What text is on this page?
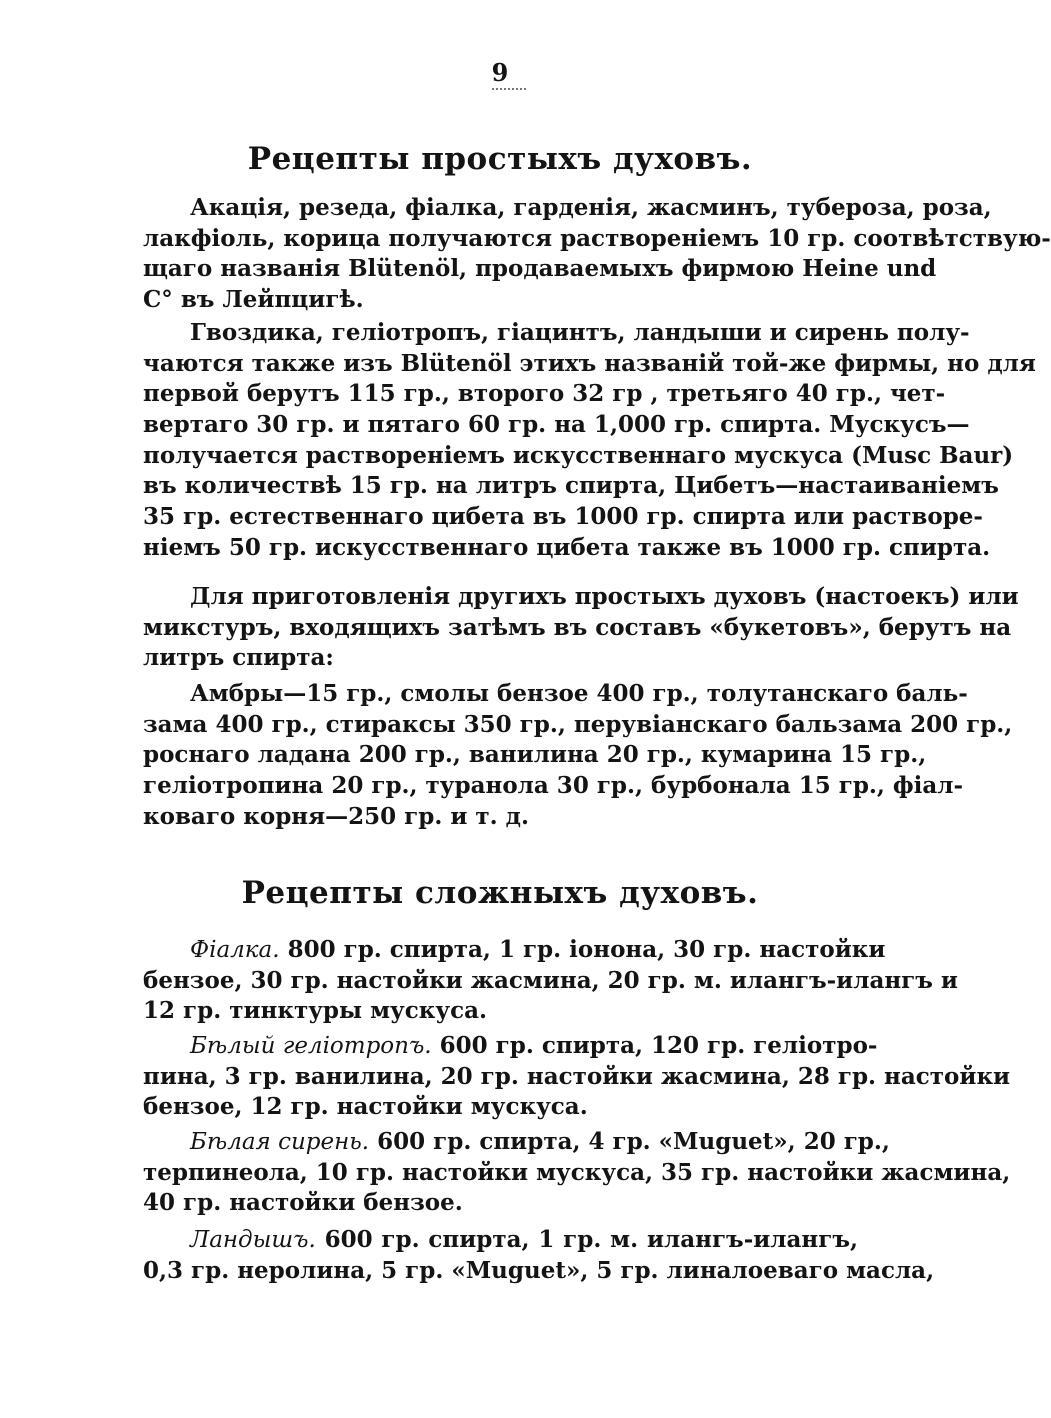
9
Рецепты простыхъ духовъ.
Акація, резеда, фіалка, гарденія, жасминъ, тубероза, роза,
лакфіоль, корица получаются раствореніемъ 10 гр. соотвѣтствую-
щаго названія Blütenöl, продаваемыхъ фирмою Heine und
C° въ Лейпцигѣ.
Гвоздика, геліотропъ, гіацинтъ, ландыши и сирень полу-
чаются также изъ Blütenöl этихъ названій той-же фирмы, но для
первой берутъ 115 гр., второго 32 гр , третьяго 40 гр., чет-
вертаго 30 гр. и пятаго 60 гр. на 1,000 гр. спирта. Мускусъ—
получается раствореніемъ искусственнаго мускуса (Musc Baur)
въ количествѣ 15 гр. на литръ спирта, Цибетъ—настаиваніемъ
35 гр. естественнаго цибета въ 1000 гр. спирта или растворе-
ніемъ 50 гр. искусственнаго цибета также въ 1000 гр. спирта.
Для приготовленія другихъ простыхъ духовъ (настоекъ) или
микстуръ, входящихъ затѣмъ въ составъ «букетовъ», берутъ на
литръ спирта:
Амбры—15 гр., смолы бензое 400 гр., толутанскаго баль-
зама 400 гр., стираксы 350 гр., перувіанскаго бальзама 200 гр.,
роснаго ладана 200 гр., ванилина 20 гр., кумарина 15 гр.,
геліотропина 20 гр., туранола 30 гр., бурбонала 15 гр., фіал-
коваго корня—250 гр. и т. д.
Рецепты сложныхъ духовъ.
Фіалка. 800 гр. спирта, 1 гр. іонона, 30 гр. настойки
бензое, 30 гр. настойки жасмина, 20 гр. м. илангъ-илангъ и
12 гр. тинктуры мускуса.
Бѣлый геліотропъ. 600 гр. спирта, 120 гр. геліотро-
пина, 3 гр. ванилина, 20 гр. настойки жасмина, 28 гр. настойки
бензое, 12 гр. настойки мускуса.
Бѣлая сирень. 600 гр. спирта, 4 гр. «Muguet», 20 гр.,
терпинеола, 10 гр. настойки мускуса, 35 гр. настойки жасмина,
40 гр. настойки бензое.
Ландышъ. 600 гр. спирта, 1 гр. м. илангъ-илангъ,
0,3 гр. неролина, 5 гр. «Muguet», 5 гр. линалоеваго масла,
